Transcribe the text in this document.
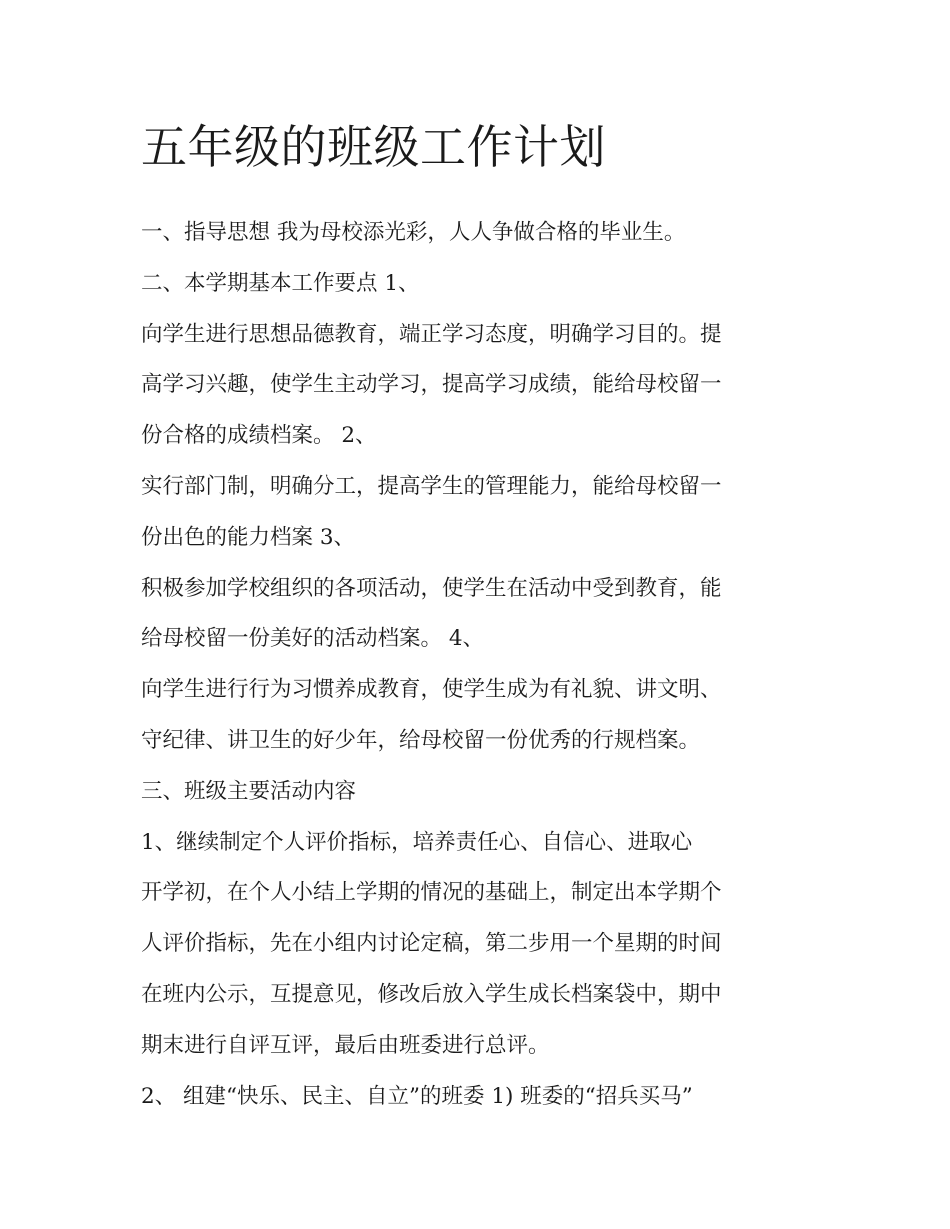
五年级的班级工作计划

一、指导思想 我为母校添光彩，人人争做合格的毕业生。

二、本学期基本工作要点 1、

向学生进行思想品德教育，端正学习态度，明确学习目的。提

高学习兴趣，使学生主动学习，提高学习成绩，能给母校留一

份合格的成绩档案。 2、

实行部门制，明确分工，提高学生的管理能力，能给母校留一

份出色的能力档案 3、

积极参加学校组织的各项活动，使学生在活动中受到教育，能

给母校留一份美好的活动档案。 4、

向学生进行行为习惯养成教育，使学生成为有礼貌、讲文明、

守纪律、讲卫生的好少年，给母校留一份优秀的行规档案。

三、班级主要活动内容

1、继续制定个人评价指标，培养责任心、自信心、进取心

开学初，在个人小结上学期的情况的基础上，制定出本学期个

人评价指标，先在小组内讨论定稿，第二步用一个星期的时间

在班内公示，互提意见，修改后放入学生成长档案袋中，期中

期末进行自评互评，最后由班委进行总评。

2、 组建“快乐、民主、自立”的班委 1) 班委的“招兵买马”
